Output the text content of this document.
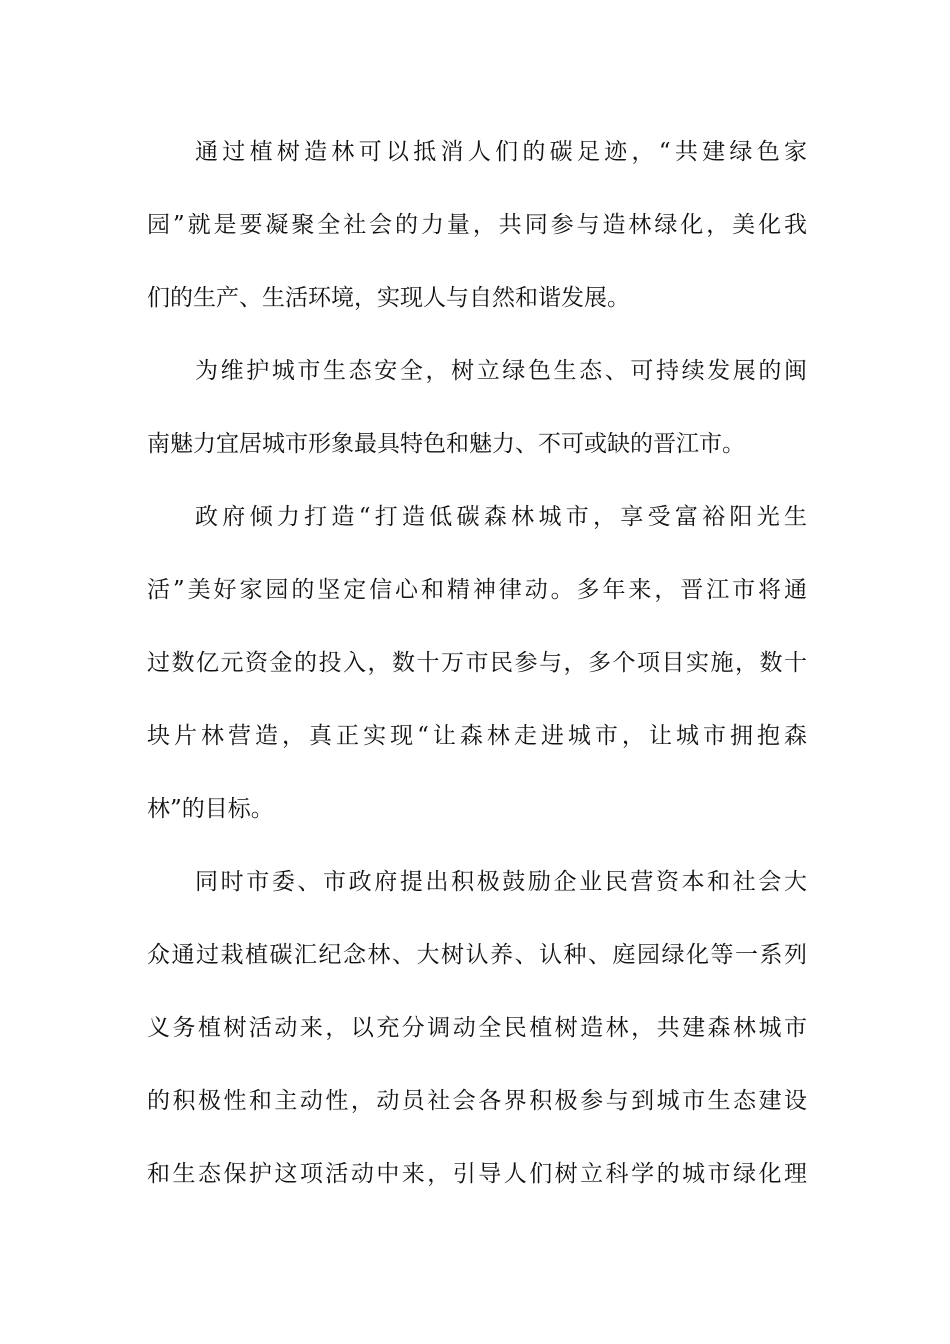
通过植树造林可以抵消人们的碳足迹，“共建绿色家
园”就是要凝聚全社会的力量，共同参与造林绿化，美化我
们的生产、生活环境，实现人与自然和谐发展。
为维护城市生态安全，树立绿色生态、可持续发展的闽
南魅力宜居城市形象最具特色和魅力、不可或缺的晋江市。
政府倾力打造“打造低碳森林城市，享受富裕阳光生
活”美好家园的坚定信心和精神律动。多年来，晋江市将通
过数亿元资金的投入，数十万市民参与，多个项目实施，数十
块片林营造，真正实现“让森林走进城市，让城市拥抱森
林”的目标。
同时市委、市政府提出积极鼓励企业民营资本和社会大
众通过栽植碳汇纪念林、大树认养、认种、庭园绿化等一系列
义务植树活动来，以充分调动全民植树造林，共建森林城市
的积极性和主动性，动员社会各界积极参与到城市生态建设
和生态保护这项活动中来，引导人们树立科学的城市绿化理
